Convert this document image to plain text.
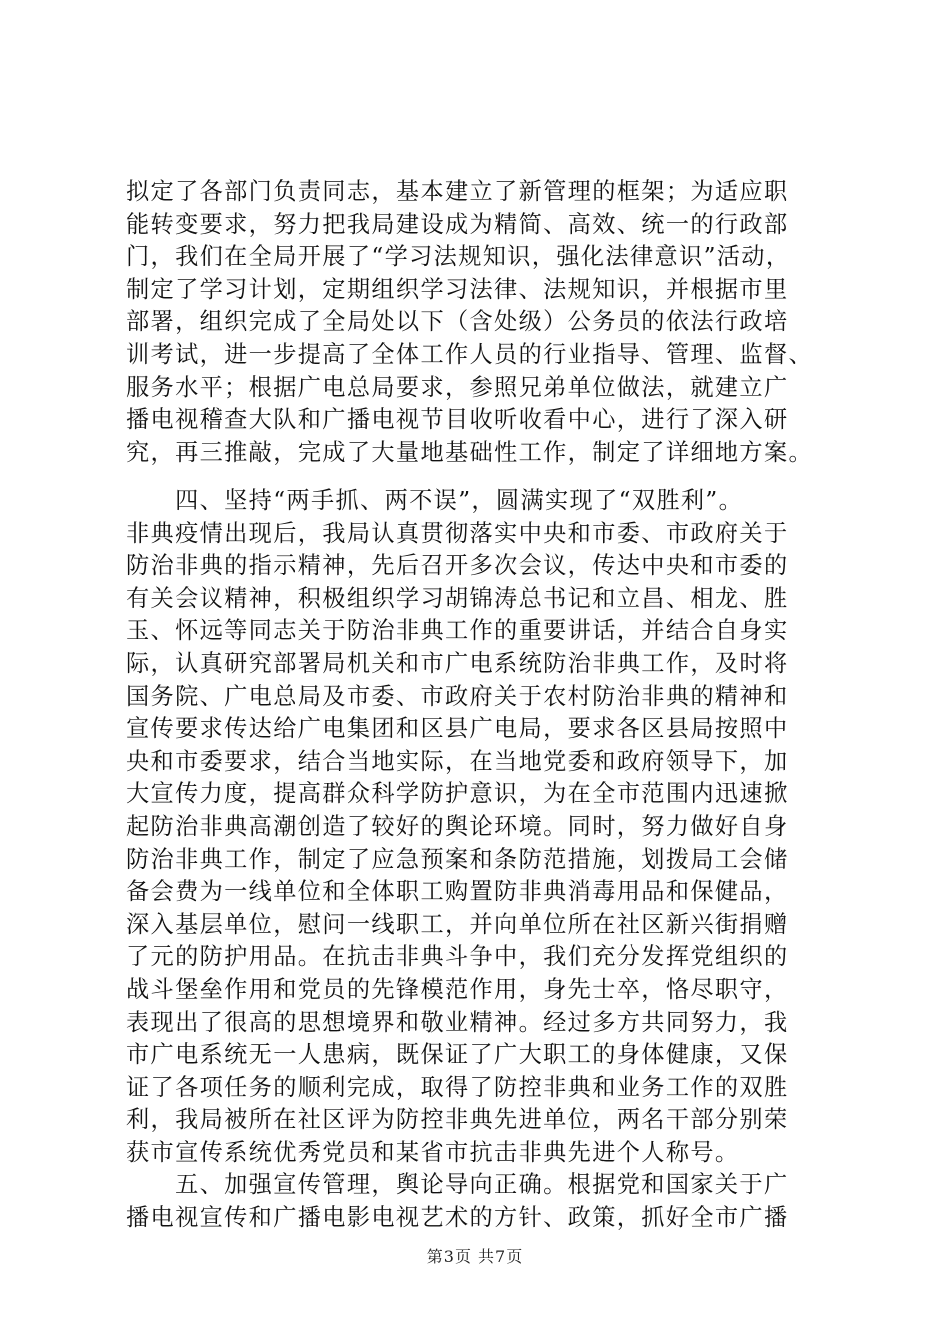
拟定了各部门负责同志，基本建立了新管理的框架；为适应职
能转变要求，努力把我局建设成为精简、高效、统一的行政部
门，我们在全局开展了“学习法规知识，强化法律意识”活动，
制定了学习计划，定期组织学习法律、法规知识，并根据市里
部署，组织完成了全局处以下（含处级）公务员的依法行政培
训考试，进一步提高了全体工作人员的行业指导、管理、监督、
服务水平；根据广电总局要求，参照兄弟单位做法，就建立广
播电视稽查大队和广播电视节目收听收看中心，进行了深入研
究，再三推敲，完成了大量地基础性工作，制定了详细地方案。
　　四、坚持“两手抓、两不误”，圆满实现了“双胜利”。
非典疫情出现后，我局认真贯彻落实中央和市委、市政府关于
防治非典的指示精神，先后召开多次会议，传达中央和市委的
有关会议精神，积极组织学习胡锦涛总书记和立昌、相龙、胜
玉、怀远等同志关于防治非典工作的重要讲话，并结合自身实
际，认真研究部署局机关和市广电系统防治非典工作，及时将
国务院、广电总局及市委、市政府关于农村防治非典的精神和
宣传要求传达给广电集团和区县广电局，要求各区县局按照中
央和市委要求，结合当地实际，在当地党委和政府领导下，加
大宣传力度，提高群众科学防护意识，为在全市范围内迅速掀
起防治非典高潮创造了较好的舆论环境。同时，努力做好自身
防治非典工作，制定了应急预案和条防范措施，划拨局工会储
备会费为一线单位和全体职工购置防非典消毒用品和保健品，
深入基层单位，慰问一线职工，并向单位所在社区新兴街捐赠
了元的防护用品。在抗击非典斗争中，我们充分发挥党组织的
战斗堡垒作用和党员的先锋模范作用，身先士卒，恪尽职守，
表现出了很高的思想境界和敬业精神。经过多方共同努力，我
市广电系统无一人患病，既保证了广大职工的身体健康，又保
证了各项任务的顺利完成，取得了防控非典和业务工作的双胜
利，我局被所在社区评为防控非典先进单位，两名干部分别荣
获市宣传系统优秀党员和某省市抗击非典先进个人称号。
　　五、加强宣传管理，舆论导向正确。根据党和国家关于广
播电视宣传和广播电影电视艺术的方针、政策，抓好全市广播
第3页 共7页
